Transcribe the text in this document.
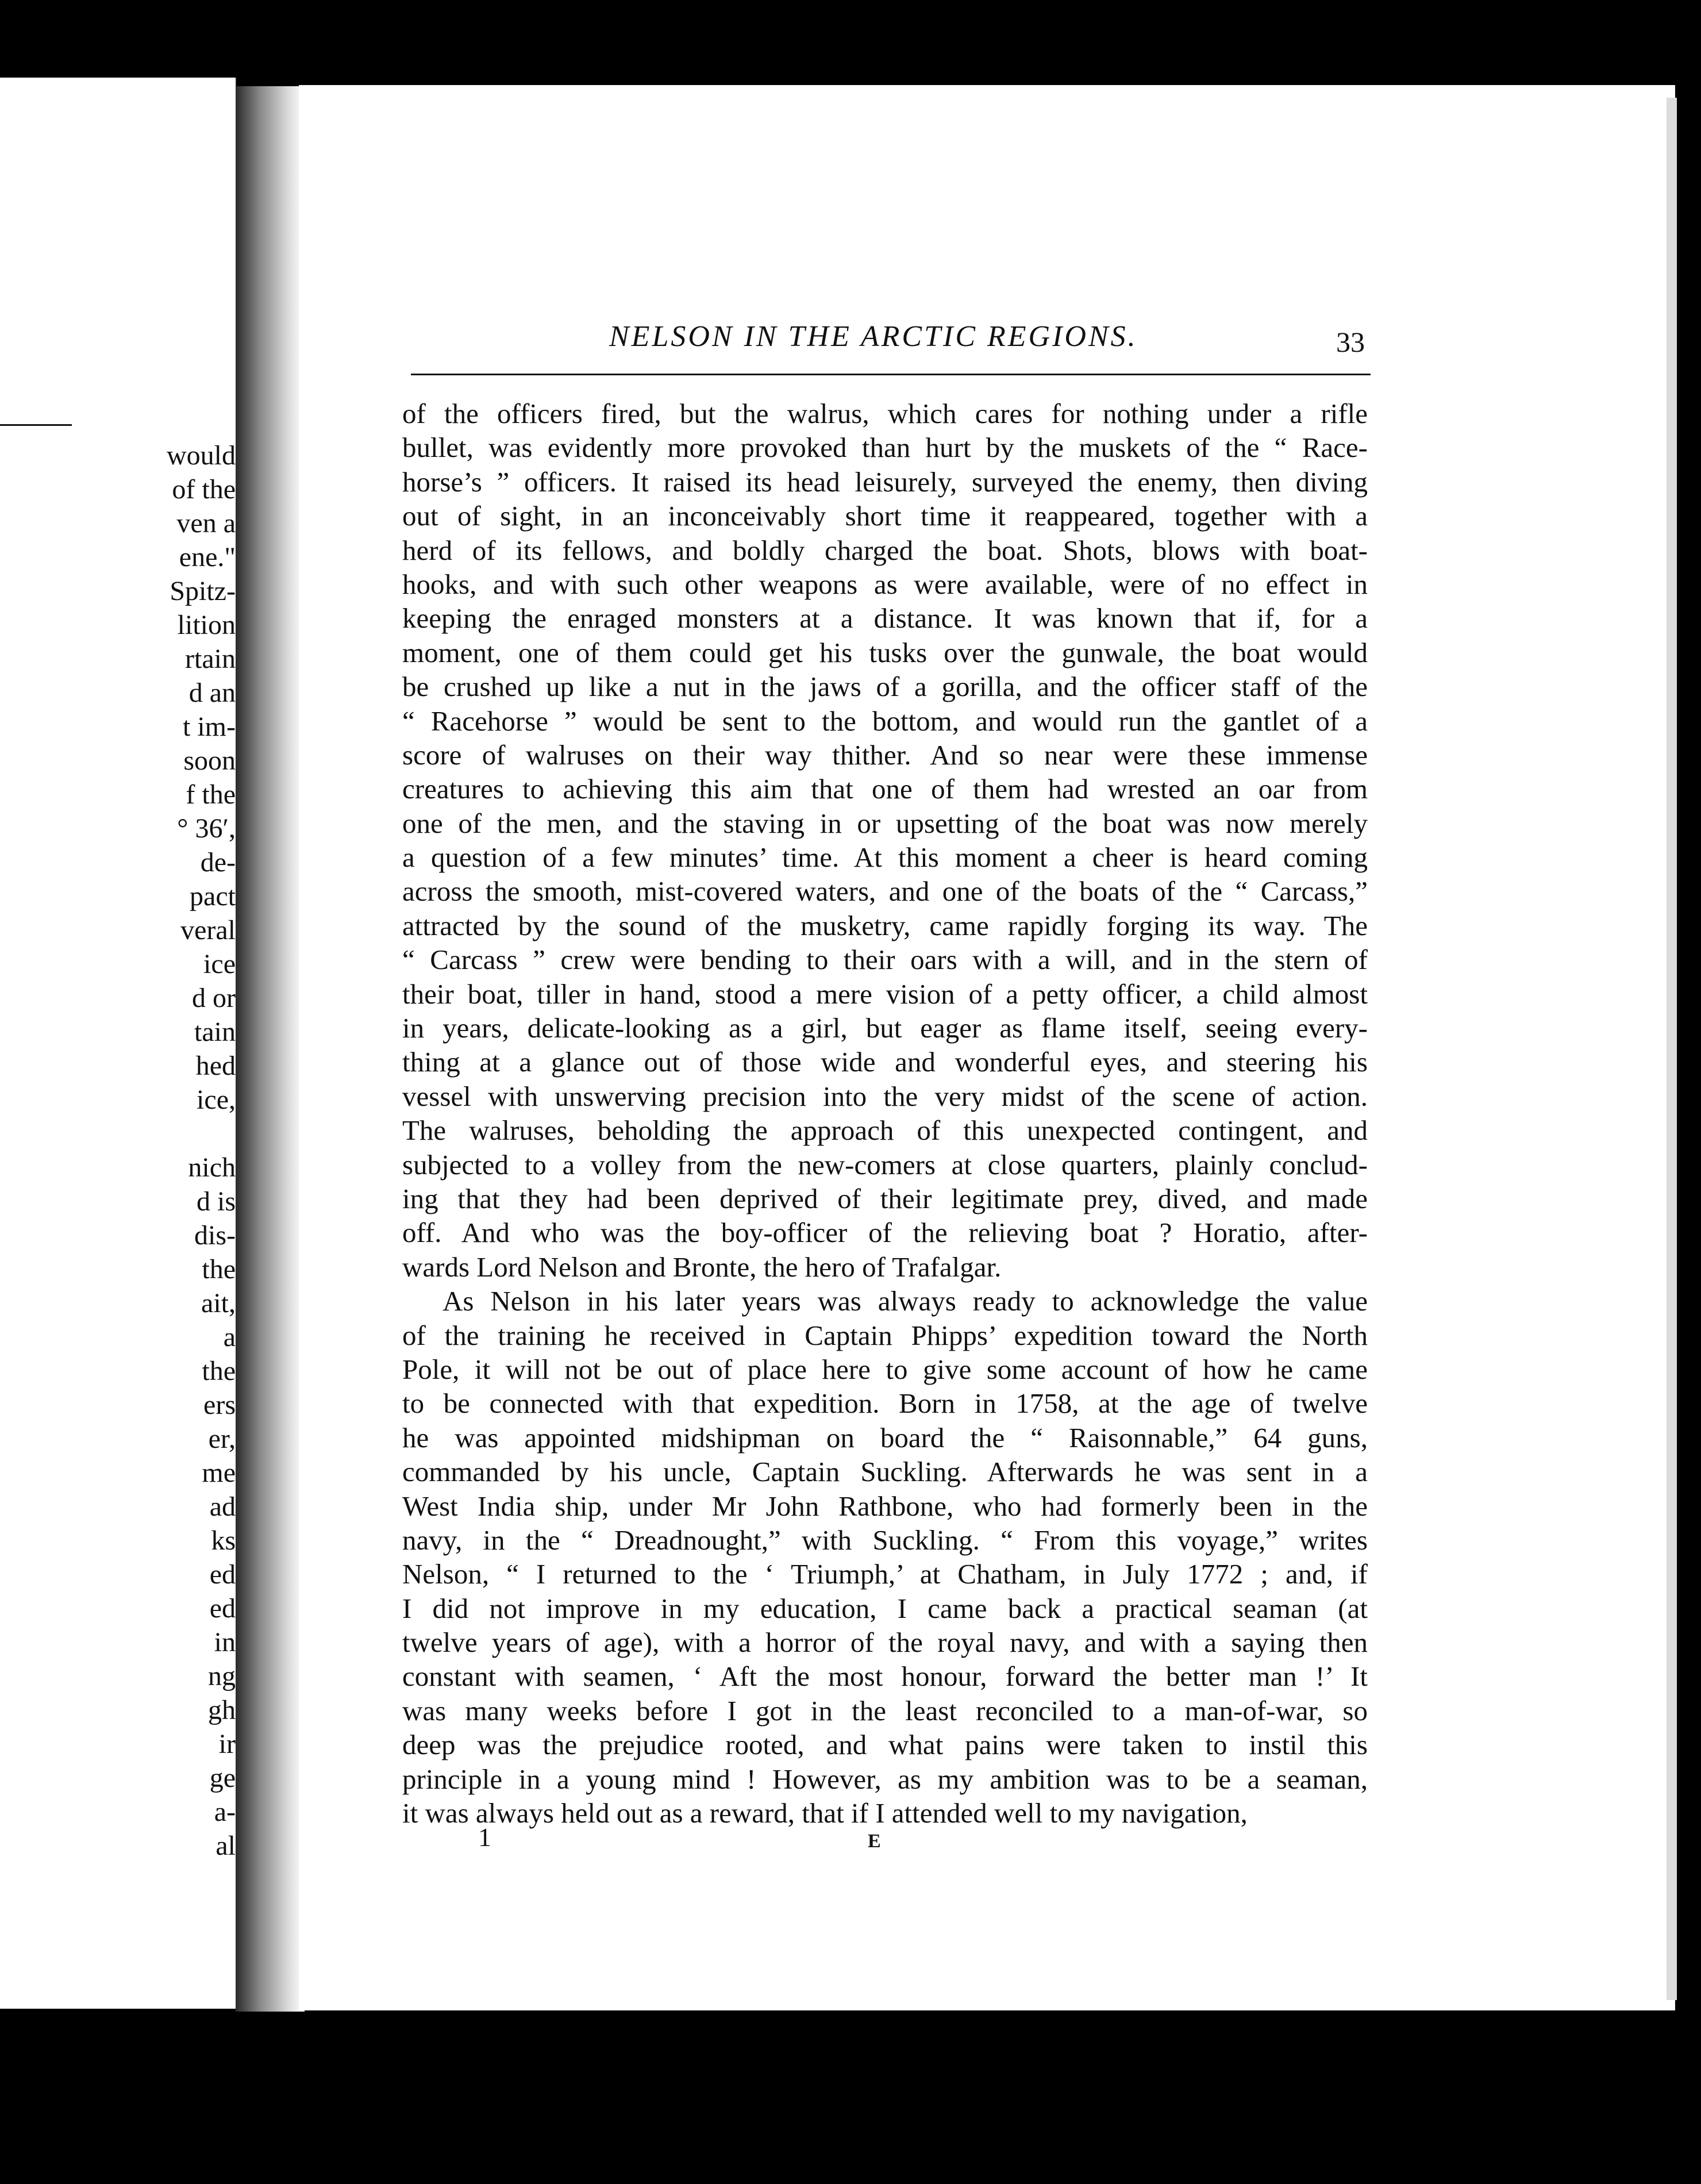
would
of the
ven a
ene."
Spitz-
lition
rtain
d an
t im-
soon
f the
° 36′,
de-
pact
veral
ice
d or
tain
hed
ice,
nich
d is
dis-
the
ait,
a
the
ers
er,
me
ad
ks
ed
ed
in
ng
gh
ir
ge
a-
al
NELSON IN THE ARCTIC REGIONS.	33
of the officers fired, but the walrus, which cares for nothing under a rifle
bullet, was evidently more provoked than hurt by the muskets of the “ Race-
horse’s ” officers. It raised its head leisurely, surveyed the enemy, then diving
out of sight, in an inconceivably short time it reappeared, together with a
herd of its fellows, and boldly charged the boat. Shots, blows with boat-
hooks, and with such other weapons as were available, were of no effect in
keeping the enraged monsters at a distance. It was known that if, for a
moment, one of them could get his tusks over the gunwale, the boat would
be crushed up like a nut in the jaws of a gorilla, and the officer staff of the
“ Racehorse ” would be sent to the bottom, and would run the gantlet of a
score of walruses on their way thither. And so near were these immense
creatures to achieving this aim that one of them had wrested an oar from
one of the men, and the staving in or upsetting of the boat was now merely
a question of a few minutes’ time. At this moment a cheer is heard coming
across the smooth, mist-covered waters, and one of the boats of the “ Carcass,”
attracted by the sound of the musketry, came rapidly forging its way. The
“ Carcass ” crew were bending to their oars with a will, and in the stern of
their boat, tiller in hand, stood a mere vision of a petty officer, a child almost
in years, delicate-looking as a girl, but eager as flame itself, seeing every-
thing at a glance out of those wide and wonderful eyes, and steering his
vessel with unswerving precision into the very midst of the scene of action.
The walruses, beholding the approach of this unexpected contingent, and
subjected to a volley from the new-comers at close quarters, plainly conclud-
ing that they had been deprived of their legitimate prey, dived, and made
off. And who was the boy-officer of the relieving boat ? Horatio, after-
wards Lord Nelson and Bronte, the hero of Trafalgar.
As Nelson in his later years was always ready to acknowledge the value
of the training he received in Captain Phipps’ expedition toward the North
Pole, it will not be out of place here to give some account of how he came
to be connected with that expedition. Born in 1758, at the age of twelve
he was appointed midshipman on board the “ Raisonnable,” 64 guns,
commanded by his uncle, Captain Suckling. Afterwards he was sent in a
West India ship, under Mr John Rathbone, who had formerly been in the
navy, in the “ Dreadnought,” with Suckling. “ From this voyage,” writes
Nelson, “ I returned to the ‘ Triumph,’ at Chatham, in July 1772 ; and, if
I did not improve in my education, I came back a practical seaman (at
twelve years of age), with a horror of the royal navy, and with a saying then
constant with seamen, ‘ Aft the most honour, forward the better man !’ It
was many weeks before I got in the least reconciled to a man-of-war, so
deep was the prejudice rooted, and what pains were taken to instil this
principle in a young mind ! However, as my ambition was to be a seaman,
it was always held out as a reward, that if I attended well to my navigation,
1	E
